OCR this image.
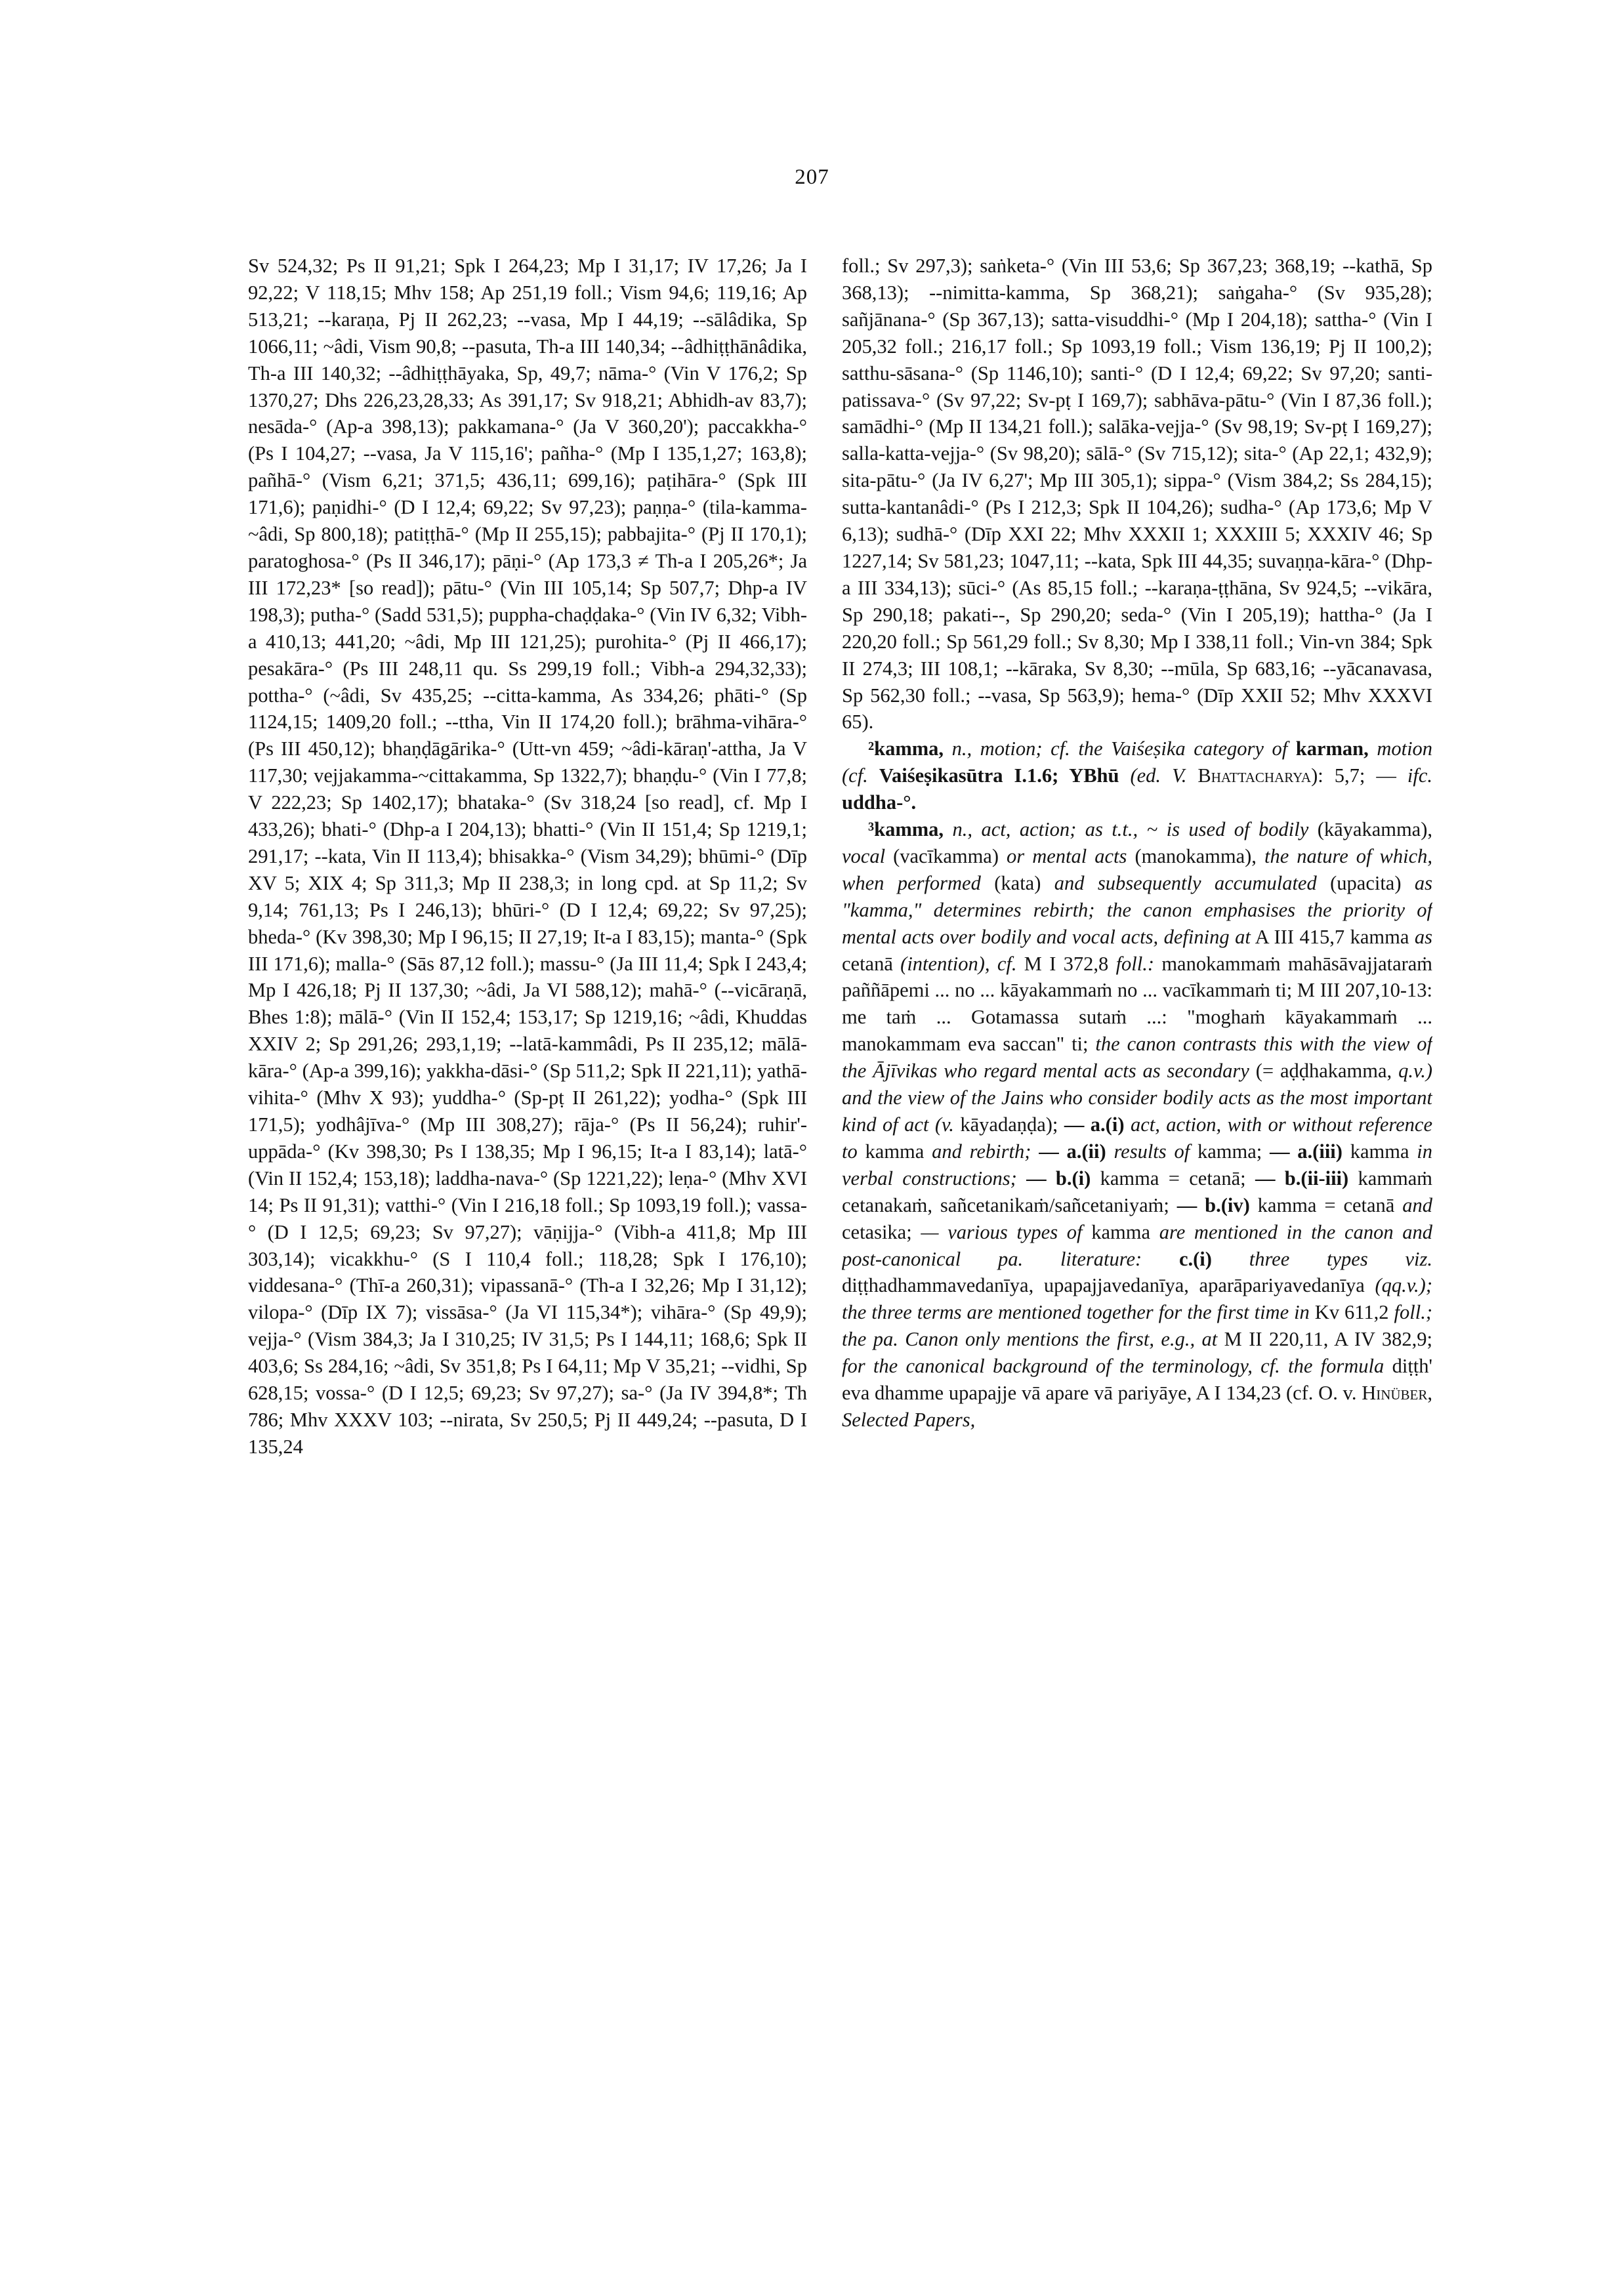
207

Sv 524,32; Ps II 91,21; Spk I 264,23; Mp I 31,17; IV 17,26; Ja I 92,22; V 118,15; Mhv 158; Ap 251,19 foll.; Vism 94,6; 119,16; Ap 513,21; --karaṇa, Pj II 262,23; --vasa, Mp I 44,19; --sālâdika, Sp 1066,11; ~âdi, Vism 90,8; --pasuta, Th-a III 140,34; --âdhiṭṭhānâdika, Th-a III 140,32; --âdhiṭṭhāyaka, Sp, 49,7; nāma-° (Vin V 176,2; Sp 1370,27; Dhs 226,23,28,33; As 391,17; Sv 918,21; Abhidh-av 83,7); nesāda-° (Ap-a 398,13); pakkamana-° (Ja V 360,20'); paccakkha-° (Ps I 104,27; --vasa, Ja V 115,16'; pañha-° (Mp I 135,1,27; 163,8); pañhā-° (Vism 6,21; 371,5; 436,11; 699,16); paṭihāra-° (Spk III 171,6); paṇidhi-° (D I 12,4; 69,22; Sv 97,23); paṇṇa-° (tila-kamma-~âdi, Sp 800,18); patiṭṭhā-° (Mp II 255,15); pabbajita-° (Pj II 170,1); paratoghosa-° (Ps II 346,17); pāṇi-° (Ap 173,3 ≠ Th-a I 205,26*; Ja III 172,23* [so read]); pātu-° (Vin III 105,14; Sp 507,7; Dhp-a IV 198,3); putha-° (Sadd 531,5); puppha-chaḍḍaka-° (Vin IV 6,32; Vibh-a 410,13; 441,20; ~âdi, Mp III 121,25); purohita-° (Pj II 466,17); pesakāra-° (Ps III 248,11 qu. Ss 299,19 foll.; Vibh-a 294,32,33); pottha-° (~âdi, Sv 435,25; --citta-kamma, As 334,26; phāti-° (Sp 1124,15; 1409,20 foll.; --ttha, Vin II 174,20 foll.); brāhma-vihāra-° (Ps III 450,12); bhaṇḍāgārika-° (Utt-vn 459; ~âdi-kāraṇ'-attha, Ja V 117,30; vejjakamma-~cittakamma, Sp 1322,7); bhaṇḍu-° (Vin I 77,8; V 222,23; Sp 1402,17); bhataka-° (Sv 318,24 [so read], cf. Mp I 433,26); bhati-° (Dhp-a I 204,13); bhatti-° (Vin II 151,4; Sp 1219,1; 291,17; --kata, Vin II 113,4); bhisakka-° (Vism 34,29); bhūmi-° (Dīp XV 5; XIX 4; Sp 311,3; Mp II 238,3; in long cpd. at Sp 11,2; Sv 9,14; 761,13; Ps I 246,13); bhūri-° (D I 12,4; 69,22; Sv 97,25); bheda-° (Kv 398,30; Mp I 96,15; II 27,19; It-a I 83,15); manta-° (Spk III 171,6); malla-° (Sās 87,12 foll.); massu-° (Ja III 11,4; Spk I 243,4; Mp I 426,18; Pj II 137,30; ~âdi, Ja VI 588,12); mahā-° (--vicāraṇā, Bhes 1:8); mālā-° (Vin II 152,4; 153,17; Sp 1219,16; ~âdi, Khuddas XXIV 2; Sp 291,26; 293,1,19; --latā-kammâdi, Ps II 235,12; mālā-kāra-° (Ap-a 399,16); yakkha-dāsi-° (Sp 511,2; Spk II 221,11); yathā-vihita-° (Mhv X 93); yuddha-° (Sp-pṭ II 261,22); yodha-° (Spk III 171,5); yodhâjīva-° (Mp III 308,27); rāja-° (Ps II 56,24); ruhir'-uppāda-° (Kv 398,30; Ps I 138,35; Mp I 96,15; It-a I 83,14); latā-° (Vin II 152,4; 153,18); laddha-nava-° (Sp 1221,22); leṇa-° (Mhv XVI 14; Ps II 91,31); vatthi-° (Vin I 216,18 foll.; Sp 1093,19 foll.); vassa-° (D I 12,5; 69,23; Sv 97,27); vāṇijja-° (Vibh-a 411,8; Mp III 303,14); vicakkhu-° (S I 110,4 foll.; 118,28; Spk I 176,10); viddesana-° (Thī-a 260,31); vipassanā-° (Th-a I 32,26; Mp I 31,12); vilopa-° (Dīp IX 7); vissāsa-° (Ja VI 115,34*); vihāra-° (Sp 49,9); vejja-° (Vism 384,3; Ja I 310,25; IV 31,5; Ps I 144,11; 168,6; Spk II 403,6; Ss 284,16; ~âdi, Sv 351,8; Ps I 64,11; Mp V 35,21; --vidhi, Sp 628,15; vossa-° (D I 12,5; 69,23; Sv 97,27); sa-° (Ja IV 394,8*; Th 786; Mhv XXXV 103; --nirata, Sv 250,5; Pj II 449,24; --pasuta, D I 135,24

foll.; Sv 297,3); saṅketa-° (Vin III 53,6; Sp 367,23; 368,19; --kathā, Sp 368,13); --nimitta-kamma, Sp 368,21); saṅgaha-° (Sv 935,28); sañjānana-° (Sp 367,13); satta-visuddhi-° (Mp I 204,18); sattha-° (Vin I 205,32 foll.; 216,17 foll.; Sp 1093,19 foll.; Vism 136,19; Pj II 100,2); satthu-sāsana-° (Sp 1146,10); santi-° (D I 12,4; 69,22; Sv 97,20; santi-patissava-° (Sv 97,22; Sv-pṭ I 169,7); sabhāva-pātu-° (Vin I 87,36 foll.); samādhi-° (Mp II 134,21 foll.); salāka-vejja-° (Sv 98,19; Sv-pṭ I 169,27); salla-katta-vejja-° (Sv 98,20); sālā-° (Sv 715,12); sita-° (Ap 22,1; 432,9); sita-pātu-° (Ja IV 6,27'; Mp III 305,1); sippa-° (Vism 384,2; Ss 284,15); sutta-kantanâdi-° (Ps I 212,3; Spk II 104,26); sudha-° (Ap 173,6; Mp V 6,13); sudhā-° (Dīp XXI 22; Mhv XXXII 1; XXXIII 5; XXXIV 46; Sp 1227,14; Sv 581,23; 1047,11; --kata, Spk III 44,35; suvaṇṇa-kāra-° (Dhp-a III 334,13); sūci-° (As 85,15 foll.; --karaṇa-ṭṭhāna, Sv 924,5; --vikāra, Sp 290,18; pakati--, Sp 290,20; seda-° (Vin I 205,19); hattha-° (Ja I 220,20 foll.; Sp 561,29 foll.; Sv 8,30; Mp I 338,11 foll.; Vin-vn 384; Spk II 274,3; III 108,1; --kāraka, Sv 8,30; --mūla, Sp 683,16; --yācanavasa, Sp 562,30 foll.; --vasa, Sp 563,9); hema-° (Dīp XXII 52; Mhv XXXVI 65).

²kamma, n., motion; cf. the Vaiśeṣika category of karman, motion (cf. Vaiśeṣikasūtra I.1.6; YBhū (ed. V. Bhattacharya): 5,7; — ifc. uddha-°.

³kamma, n., act, action; as t.t., ~ is used of bodily (kāyakamma), vocal (vacīkamma) or mental acts (manokamma), the nature of which, when performed (kata) and subsequently accumulated (upacita) as "kamma," determines rebirth; the canon emphasises the priority of mental acts over bodily and vocal acts, defining at A III 415,7 kamma as cetanā (intention), cf. M I 372,8 foll.: manokammaṁ mahāsāvajjataraṁ paññāpemi ... no ... kāyakammaṁ no ... vacīkammaṁ ti; M III 207,10-13: me taṁ ... Gotamassa sutaṁ ...: "moghaṁ kāyakammaṁ ... manokammam eva saccan" ti; the canon contrasts this with the view of the Ājīvikas who regard mental acts as secondary (= aḍḍhakamma, q.v.) and the view of the Jains who consider bodily acts as the most important kind of act (v. kāyadaṇḍa); — a.(i) act, action, with or without reference to kamma and rebirth; — a.(ii) results of kamma; — a.(iii) kamma in verbal constructions; — b.(i) kamma = cetanā; — b.(ii-iii) kammaṁ cetanakaṁ, sañcetanikaṁ/sañcetaniyaṁ; — b.(iv) kamma = cetanā and cetasika; — various types of kamma are mentioned in the canon and post-canonical pa. literature: c.(i) three types viz. diṭṭhadhammavedanīya, upapajjavedanīya, aparāpariyavedanīya (qq.v.); the three terms are mentioned together for the first time in Kv 611,2 foll.; the pa. Canon only mentions the first, e.g., at M II 220,11, A IV 382,9; for the canonical background of the terminology, cf. the formula diṭṭh' eva dhamme upapajje vā apare vā pariyāye, A I 134,23 (cf. O. v. Hinüber, Selected Papers,
